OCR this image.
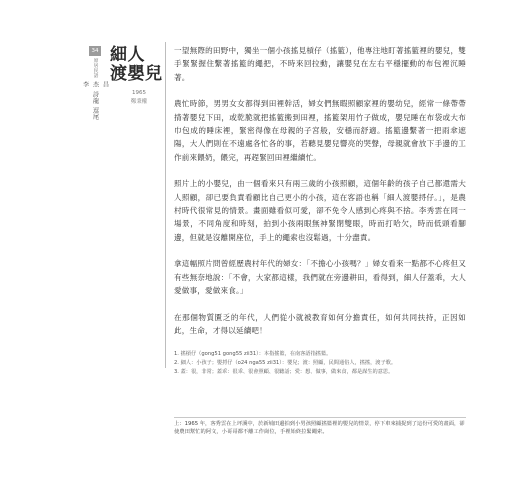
34
原居民語
李 杰 昌
詩龍 逗尾
細人
渡嬰兒
1965
鄭秉權

一望無際的田野中，獨坐一個小孩搖見槓仔（搖籃），他專注地盯著搖籃裡的嬰兒，雙手緊緊握住繫著搖籃的繩把，不時來回拉動，讓嬰兒在左右平穩擺動的布包裡沉睡著。

農忙時節，男男女女都得到田裡幹活，婦女們無暇照顧家裡的嬰幼兒，經常一條帶帶揹著嬰兒下田，或乾脆就把搖籃搬到田裡，搖籃架用竹子做成，嬰兒睡在布袋或大布巾包成的睡床裡，緊密得像在母親的子宮般，安穩而舒適。搖籃邊繫著一把雨傘遮陽，大人們則在不遠處各忙各的事，若聽見嬰兒響亮的哭聲，母親就會放下手邊的工作前來餵奶，餵完，再趕緊回田裡繼續忙。

照片上的小嬰兒，由一個看來只有兩三歲的小孩照顧，這個年齡的孩子自己都還需大人照顧，卻已要負責看顧比自己更小的小孩，這在客語也稱「細人渡嬰捋仔。」，是農村時代很常見的情景。畫面雖看似可愛，卻不免令人感到心疼與不捨。李秀雲在同一場景，不同角度和時刻，拍到小孩兩眼無神緊閉雙眼，時而打哈欠，時而低頭看腳邊，但就是沒離開座位，手上的繩索也沒鬆過，十分盡責。

拿這幅照片問曾經歷農村年代的婦女：「不擔心小孩嗎？」婦女看來一點都不心疼但又有些無奈地說：「不會，大家都這樣，我們就在旁邊耕田，看得到，細人仔蓋乖，大人愛做事，愛做來食。」

在那個物質匱乏的年代，人們從小就被教育如何分擔責任，如何共同扶持，正因如此，生命，才得以延續吧！

1. 搖槓仔（gong51 gong55 zii31）：本指搖籃，在南客語指搖籃。

2. 細人：小孩子；嬰捋仔（o24 nga55 zii31）：嬰兒；渡：照顧，民間通俗人，搖搖，渡子歌。

3. 蓋：很，非常；蓋乖：很乖、很會照顧、很聽話；愛：想、做事，做來食，都是謀生的意思。

上：1965 年，客秀雲在上坪溪中，於新埔田邊拍到小男孩照顧搖籃裡的嬰兒的情景，停下車來捕捉到了這份可愛的畫面，卻使農田幫忙的阿文，小哥哥都不離工作崗位，手裡始終拉緊繩索。
